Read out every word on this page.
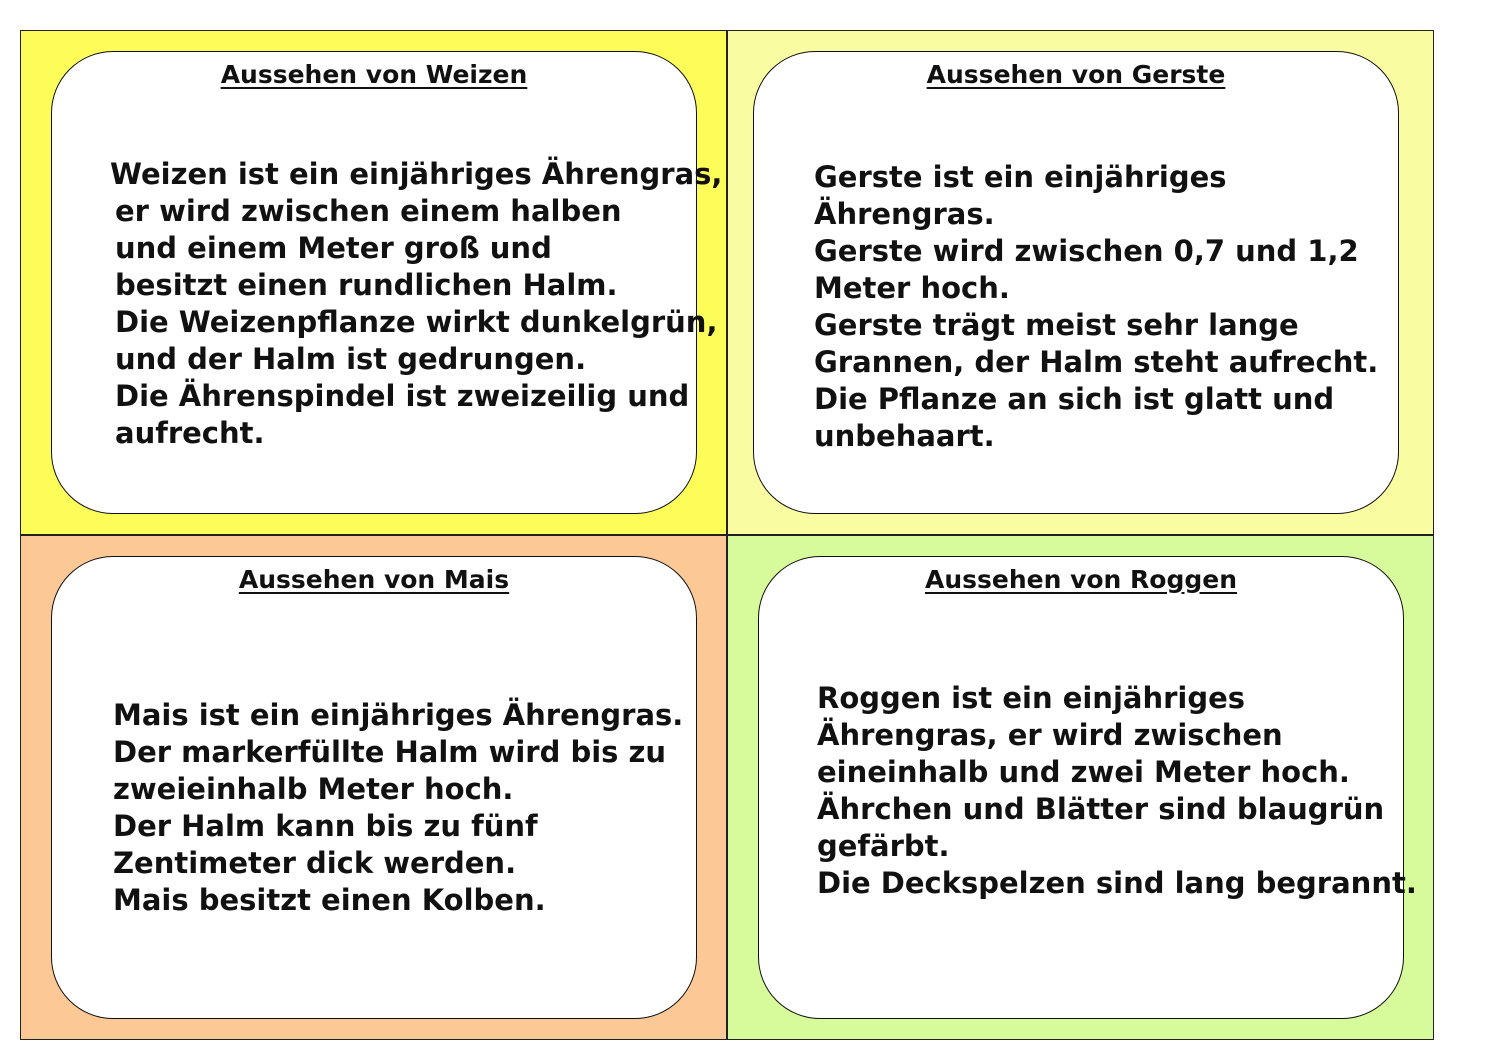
Aussehen von Weizen
Weizen ist ein einjähriges Ährengras,
er wird zwischen einem halben
und einem Meter groß und
besitzt einen rundlichen Halm.
Die Weizenpflanze wirkt dunkelgrün,
und der Halm ist gedrungen.
Die Ährenspindel ist zweizeilig und
aufrecht.
Aussehen von Gerste
Gerste ist ein einjähriges
Ährengras.
Gerste wird zwischen 0,7 und 1,2
Meter hoch.
Gerste trägt meist sehr lange
Grannen, der Halm steht aufrecht.
Die Pflanze an sich ist glatt und
unbehaart.
Aussehen von Mais
Mais ist ein einjähriges Ährengras.
Der markerfüllte Halm wird bis zu
zweieinhalb Meter hoch.
Der Halm kann bis zu fünf
Zentimeter dick werden.
Mais besitzt einen Kolben.
Aussehen von Roggen
Roggen ist ein einjähriges
Ährengras, er wird zwischen
eineinhalb und zwei Meter hoch.
Ährchen und Blätter sind blaugrün
gefärbt.
Die Deckspelzen sind lang begrannt.
